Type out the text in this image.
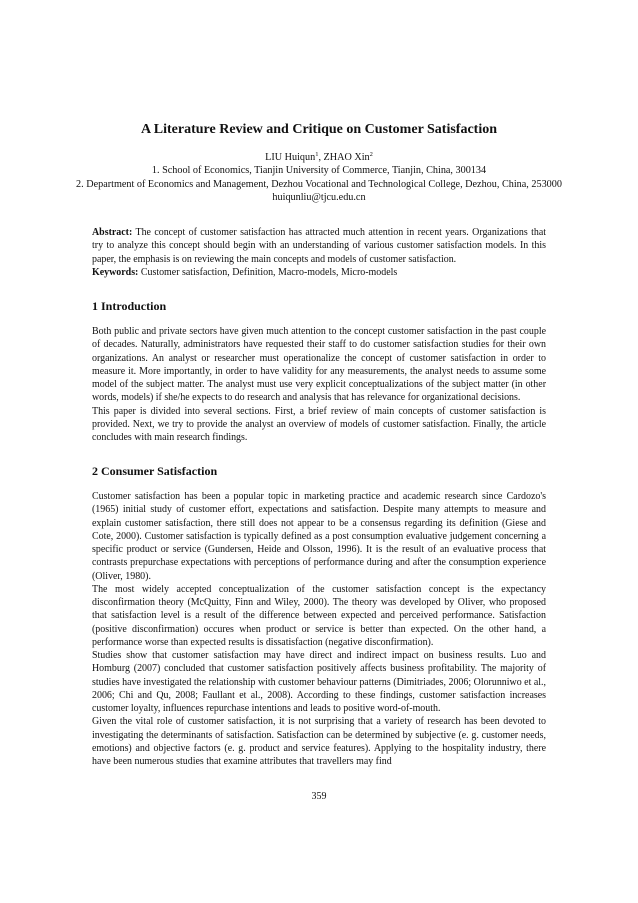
A Literature Review and Critique on Customer Satisfaction
LIU Huiqun$^1$, ZHAO Xin$^2$
1. School of Economics, Tianjin University of Commerce, Tianjin, China, 300134
2. Department of Economics and Management, Dezhou Vocational and Technological College, Dezhou, China, 253000
huiqunliu@tjcu.edu.cn

Abstract: The concept of customer satisfaction has attracted much attention in recent years. Organizations that try to analyze this concept should begin with an understanding of various customer satisfaction models. In this paper, the emphasis is on reviewing the main concepts and models of customer satisfaction.

Keywords: Customer satisfaction, Definition, Macro-models, Micro-models

1 Introduction

Both public and private sectors have given much attention to the concept customer satisfaction in the past couple of decades. Naturally, administrators have requested their staff to do customer satisfaction studies for their own organizations. An analyst or researcher must operationalize the concept of customer satisfaction in order to measure it. More importantly, in order to have validity for any measurements, the analyst needs to assume some model of the subject matter. The analyst must use very explicit conceptualizations of the subject matter (in other words, models) if she/he expects to do research and analysis that has relevance for organizational decisions.

This paper is divided into several sections. First, a brief review of main concepts of customer satisfaction is provided. Next, we try to provide the analyst an overview of models of customer satisfaction. Finally, the article concludes with main research findings.

2 Consumer Satisfaction

Customer satisfaction has been a popular topic in marketing practice and academic research since Cardozo's (1965) initial study of customer effort, expectations and satisfaction. Despite many attempts to measure and explain customer satisfaction, there still does not appear to be a consensus regarding its definition (Giese and Cote, 2000). Customer satisfaction is typically defined as a post consumption evaluative judgement concerning a specific product or service (Gundersen, Heide and Olsson, 1996). It is the result of an evaluative process that contrasts prepurchase expectations with perceptions of performance during and after the consumption experience (Oliver, 1980).

The most widely accepted conceptualization of the customer satisfaction concept is the expectancy disconfirmation theory (McQuitty, Finn and Wiley, 2000). The theory was developed by Oliver, who proposed that satisfaction level is a result of the difference between expected and perceived performance. Satisfaction (positive disconfirmation) occures when product or service is better than expected. On the other hand, a performance worse than expected results is dissatisfaction (negative disconfirmation).

Studies show that customer satisfaction may have direct and indirect impact on business results. Luo and Homburg (2007) concluded that customer satisfaction positively affects business profitability. The majority of studies have investigated the relationship with customer behaviour patterns (Dimitriades, 2006; Olorunniwo et al., 2006; Chi and Qu, 2008; Faullant et al., 2008). According to these findings, customer satisfaction increases customer loyalty, influences repurchase intentions and leads to positive word-of-mouth.

Given the vital role of customer satisfaction, it is not surprising that a variety of research has been devoted to investigating the determinants of satisfaction. Satisfaction can be determined by subjective (e. g. customer needs, emotions) and objective factors (e. g. product and service features). Applying to the hospitality industry, there have been numerous studies that examine attributes that travellers may find

359
